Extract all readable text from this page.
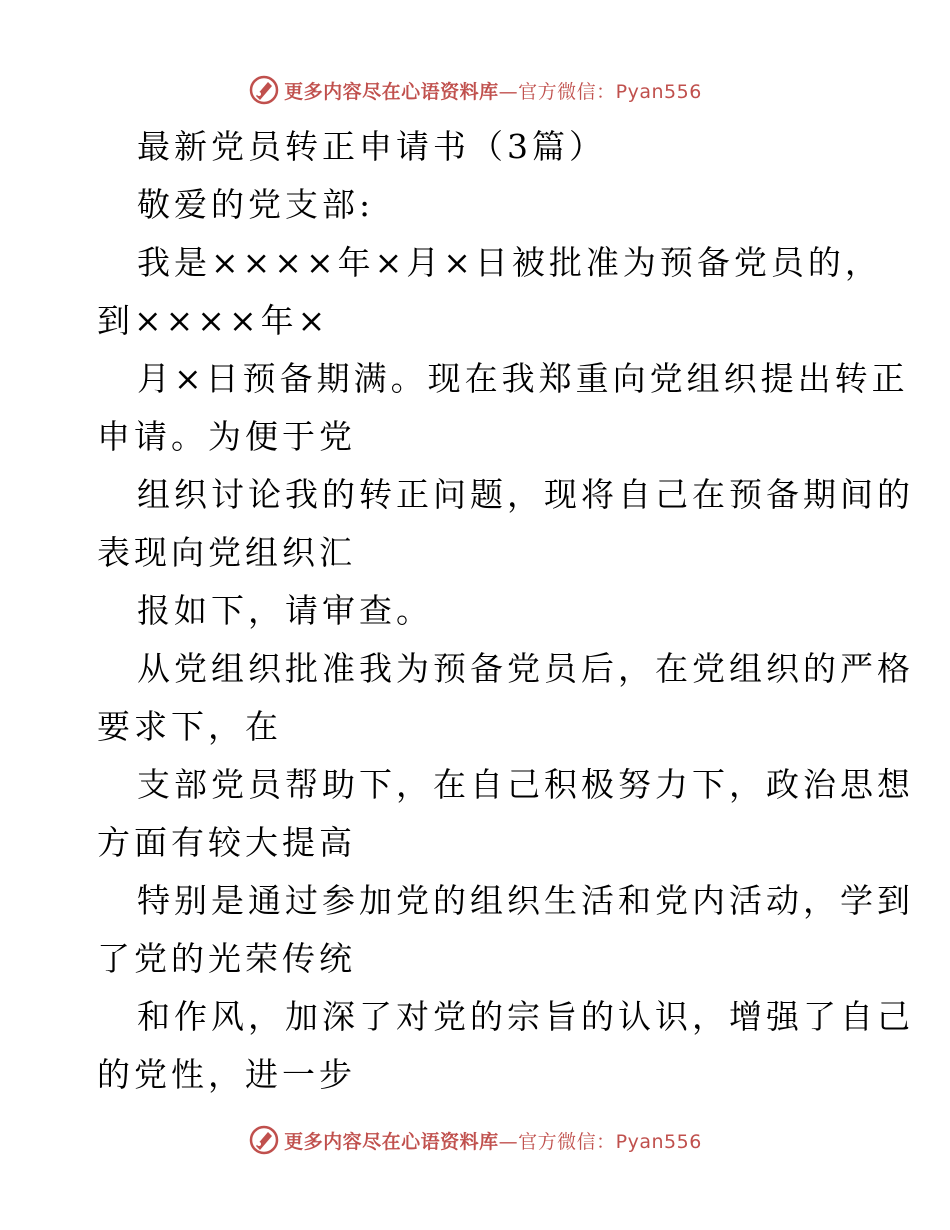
更多内容尽在心语资料库—官方微信：Pyan556
最新党员转正申请书（3篇）
敬爱的党支部:
我是××××年×月×日被批准为预备党员的，
到××××年×
月×日预备期满。现在我郑重向党组织提出转正
申请。为便于党
组织讨论我的转正问题，现将自己在预备期间的
表现向党组织汇
报如下，请审查。
从党组织批准我为预备党员后，在党组织的严格
要求下，在
支部党员帮助下，在自己积极努力下，政治思想
方面有较大提高
特别是通过参加党的组织生活和党内活动，学到
了党的光荣传统
和作风，加深了对党的宗旨的认识，增强了自己
的党性，进一步
更多内容尽在心语资料库—官方微信：Pyan556
